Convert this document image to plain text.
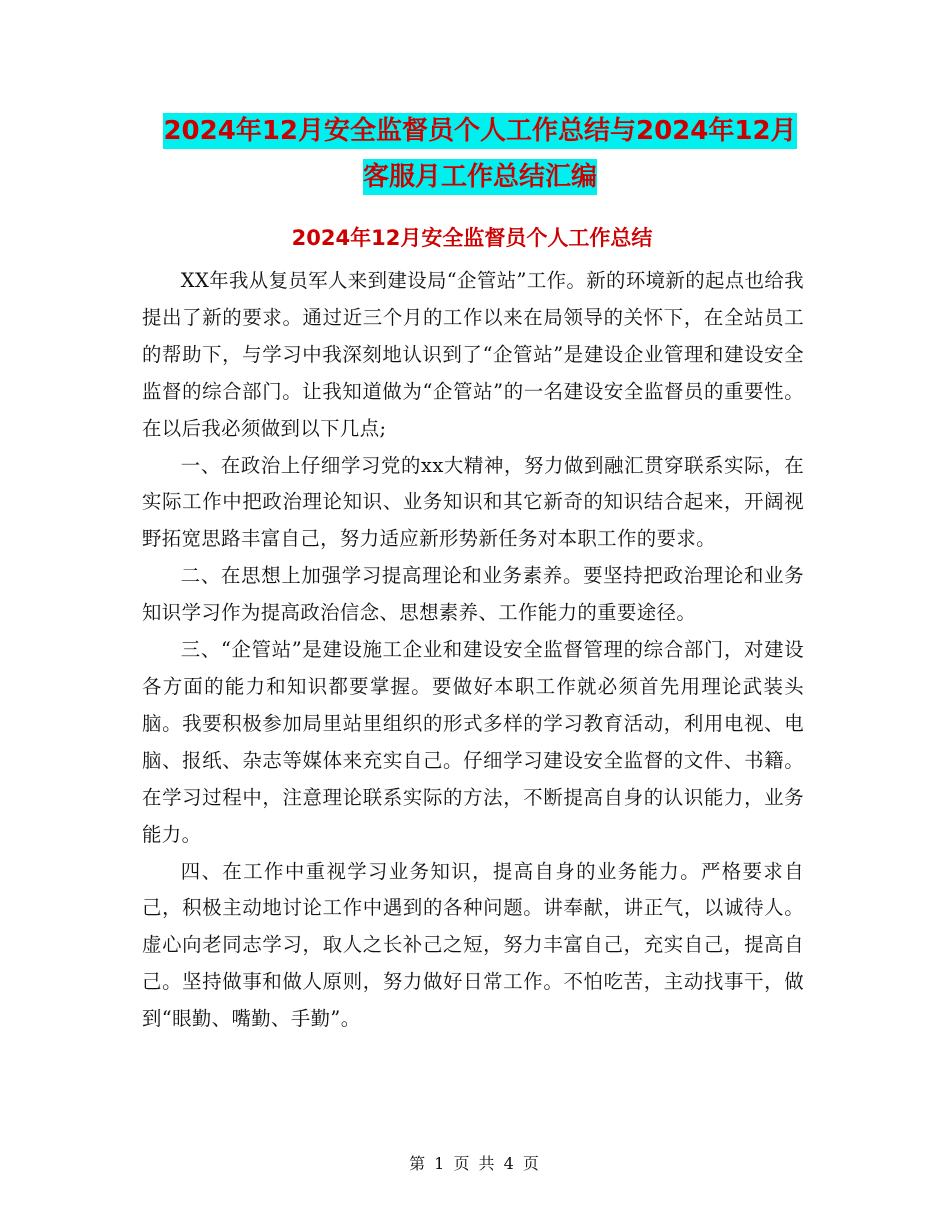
2024年12月安全监督员个人工作总结与2024年12月
客服月工作总结汇编
2024年12月安全监督员个人工作总结

XX年我从复员军人来到建设局“企管站”工作。新的环境新的起点也给我提出了新的要求。通过近三个月的工作以来在局领导的关怀下，在全站员工的帮助下，与学习中我深刻地认识到了“企管站”是建设企业管理和建设安全监督的综合部门。让我知道做为“企管站”的一名建设安全监督员的重要性。在以后我必须做到以下几点;

一、在政治上仔细学习党的xx大精神，努力做到融汇贯穿联系实际，在实际工作中把政治理论知识、业务知识和其它新奇的知识结合起来，开阔视野拓宽思路丰富自己，努力适应新形势新任务对本职工作的要求。

二、在思想上加强学习提高理论和业务素养。要坚持把政治理论和业务知识学习作为提高政治信念、思想素养、工作能力的重要途径。

三、“企管站”是建设施工企业和建设安全监督管理的综合部门，对建设各方面的能力和知识都要掌握。要做好本职工作就必须首先用理论武装头脑。我要积极参加局里站里组织的形式多样的学习教育活动，利用电视、电脑、报纸、杂志等媒体来充实自己。仔细学习建设安全监督的文件、书籍。在学习过程中，注意理论联系实际的方法，不断提高自身的认识能力，业务能力。

四、在工作中重视学习业务知识，提高自身的业务能力。严格要求自己，积极主动地讨论工作中遇到的各种问题。讲奉献，讲正气，以诚待人。虚心向老同志学习，取人之长补己之短，努力丰富自己，充实自己，提高自己。坚持做事和做人原则，努力做好日常工作。不怕吃苦，主动找事干，做到“眼勤、嘴勤、手勤”。

第 1 页 共 4 页
